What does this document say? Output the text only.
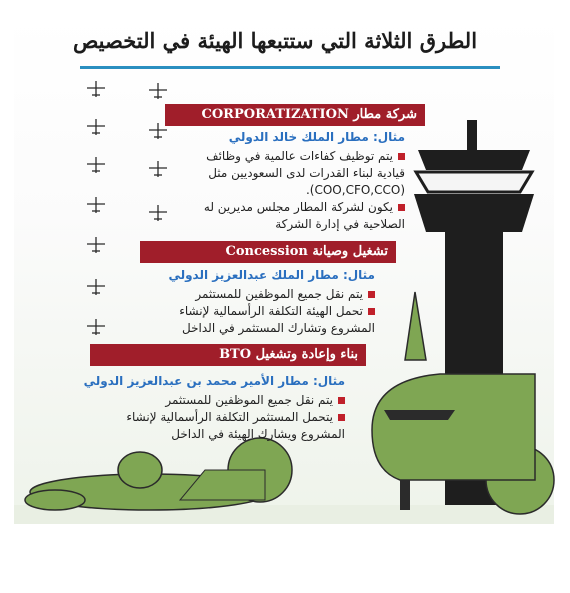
الطرق الثلاثة التي ستتبعها الهيئة في التخصيص
شركة مطار CORPORATIZATION
مثال: مطار الملك خالد الدولي
يتم توظيف كفاءات عالمية في وظائف
قيادية لبناء القدرات لدى السعوديين مثل
(COO,CFO,CCO).
يكون لشركة المطار مجلس مديرين له
الصلاحية في إدارة الشركة
تشغيل وصيانة Concession
مثال: مطار الملك عبدالعزيز الدولي
يتم نقل جميع الموظفين للمستثمر
تحمل الهيئة التكلفة الرأسمالية لإنشاء
المشروع وتشارك المستثمر في الداخل
بناء وإعادة وتشغيل BTO
مثال: مطار الأمير محمد بن عبدالعزيز الدولي
يتم نقل جميع الموظفين للمستثمر
يتحمل المستثمر التكلفة الرأسمالية لإنشاء
المشروع ويشارك الهيئة في الداخل
